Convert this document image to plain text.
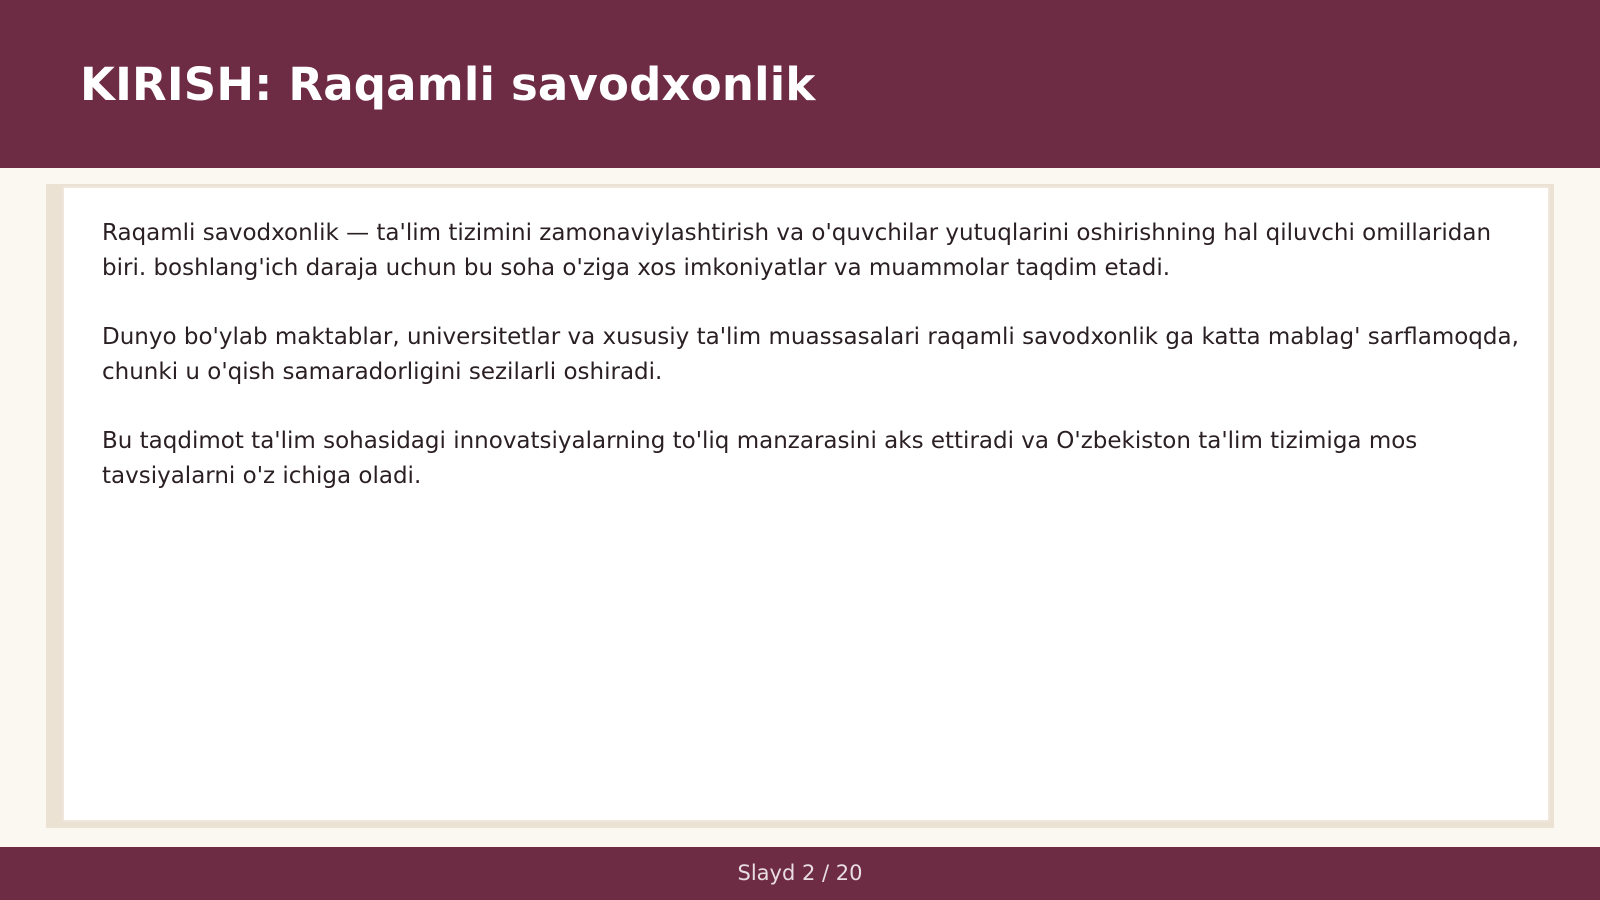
KIRISH: Raqamli savodxonlik

Raqamli savodxonlik — ta'lim tizimini zamonaviylashtirish va o'quvchilar yutuqlarini oshirishning hal qiluvchi omillaridan biri. boshlang'ich daraja uchun bu soha o'ziga xos imkoniyatlar va muammolar taqdim etadi.

Dunyo bo'ylab maktablar, universitetlar va xususiy ta'lim muassasalari raqamli savodxonlik ga katta mablag' sarflamoqda, chunki u o'qish samaradorligini sezilarli oshiradi.

Bu taqdimot ta'lim sohasidagi innovatsiyalarning to'liq manzarasini aks ettiradi va O'zbekiston ta'lim tizimiga mos tavsiyalarni o'z ichiga oladi.

Slayd 2 / 20
